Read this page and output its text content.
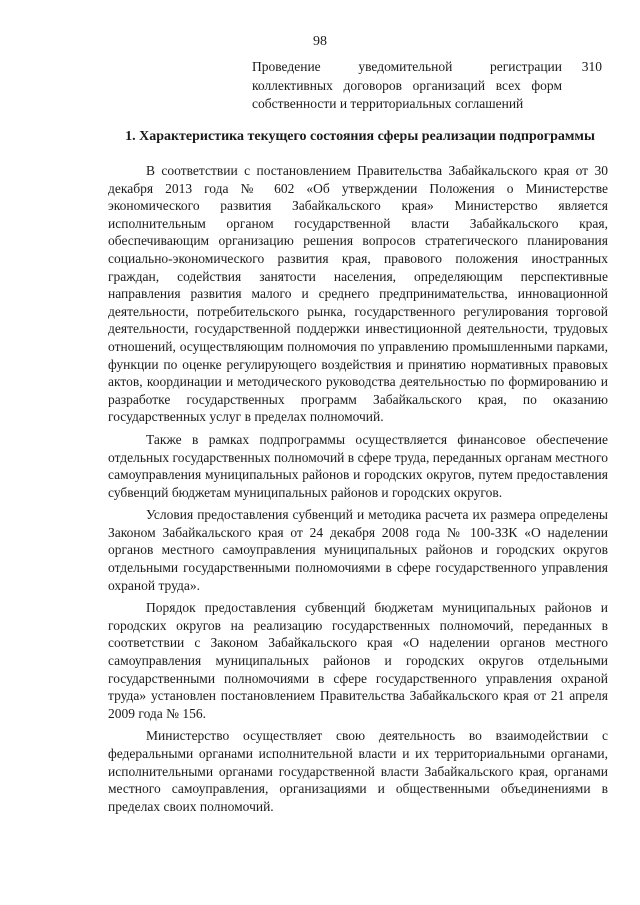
98
Проведение уведомительной регистрации коллективных договоров организаций всех форм собственности и территориальных соглашений
310
1. Характеристика текущего состояния сферы реализации подпрограммы

В соответствии с постановлением Правительства Забайкальского края от 30 декабря 2013 года № 602 «Об утверждении Положения о Министерстве экономического развития Забайкальского края» Министерство является исполнительным органом государственной власти Забайкальского края, обеспечивающим организацию решения вопросов стратегического планирования социально-экономического развития края, правового положения иностранных граждан, содействия занятости населения, определяющим перспективные направления развития малого и среднего предпринимательства, инновационной деятельности, потребительского рынка, государственного регулирования торговой деятельности, государственной поддержки инвестиционной деятельности, трудовых отношений, осуществляющим полномочия по управлению промышленными парками, функции по оценке регулирующего воздействия и принятию нормативных правовых актов, координации и методического руководства деятельностью по формированию и разработке государственных программ Забайкальского края, по оказанию государственных услуг в пределах полномочий.

Также в рамках подпрограммы осуществляется финансовое обеспечение отдельных государственных полномочий в сфере труда, переданных органам местного самоуправления муниципальных районов и городских округов, путем предоставления субвенций бюджетам муниципальных районов и городских округов.

Условия предоставления субвенций и методика расчета их размера определены Законом Забайкальского края от 24 декабря 2008 года № 100-ЗЗК «О наделении органов местного самоуправления муниципальных районов и городских округов отдельными государственными полномочиями в сфере государственного управления охраной труда».

Порядок предоставления субвенций бюджетам муниципальных районов и городских округов на реализацию государственных полномочий, переданных в соответствии с Законом Забайкальского края «О наделении органов местного самоуправления муниципальных районов и городских округов отдельными государственными полномочиями в сфере государственного управления охраной труда» установлен постановлением Правительства Забайкальского края от 21 апреля 2009 года № 156.

Министерство осуществляет свою деятельность во взаимодействии с федеральными органами исполнительной власти и их территориальными органами, исполнительными органами государственной власти Забайкальского края, органами местного самоуправления, организациями и общественными объединениями в пределах своих полномочий.
